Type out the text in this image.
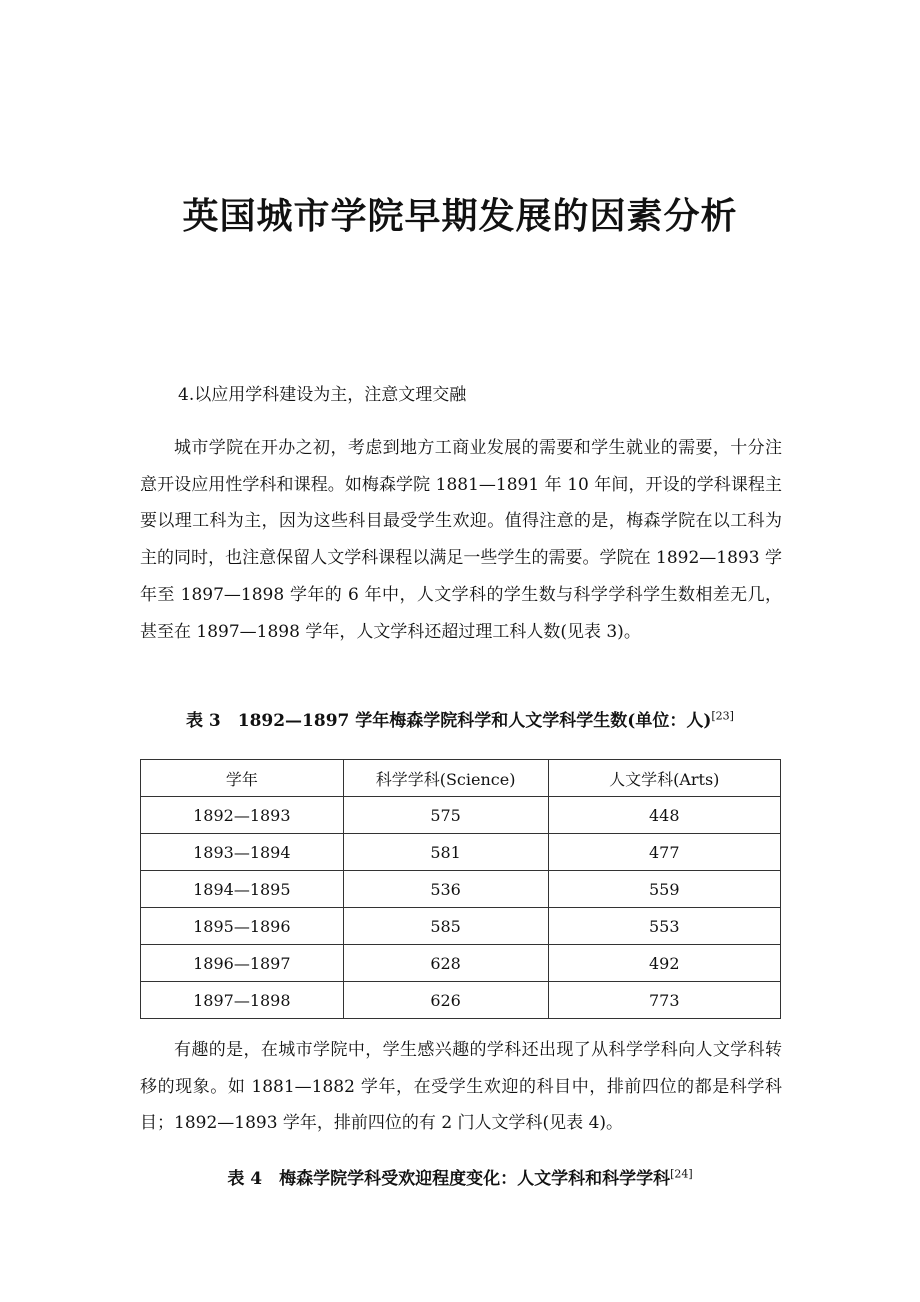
英国城市学院早期发展的因素分析
4.以应用学科建设为主，注意文理交融

城市学院在开办之初，考虑到地方工商业发展的需要和学生就业的需要，十分注意开设应用性学科和课程。如梅森学院 1881—1891 年 10 年间，开设的学科课程主要以理工科为主，因为这些科目最受学生欢迎。值得注意的是，梅森学院在以工科为主的同时，也注意保留人文学科课程以满足一些学生的需要。学院在 1892—1893 学年至 1897—1898 学年的 6 年中，人文学科的学生数与科学学科学生数相差无几，甚至在 1897—1898 学年，人文学科还超过理工科人数(见表 3)。

表 3　1892—1897 学年梅森学院科学和人文学科学生数(单位：人)[23]
学年	科学学科(Science)	人文学科(Arts)
1892—1893	575	448
1893—1894	581	477
1894—1895	536	559
1895—1896	585	553
1896—1897	628	492
1897—1898	626	773

有趣的是，在城市学院中，学生感兴趣的学科还出现了从科学学科向人文学科转移的现象。如 1881—1882 学年，在受学生欢迎的科目中，排前四位的都是科学科目；1892—1893 学年，排前四位的有 2 门人文学科(见表 4)。

表 4　梅森学院学科受欢迎程度变化：人文学科和科学学科[24]
